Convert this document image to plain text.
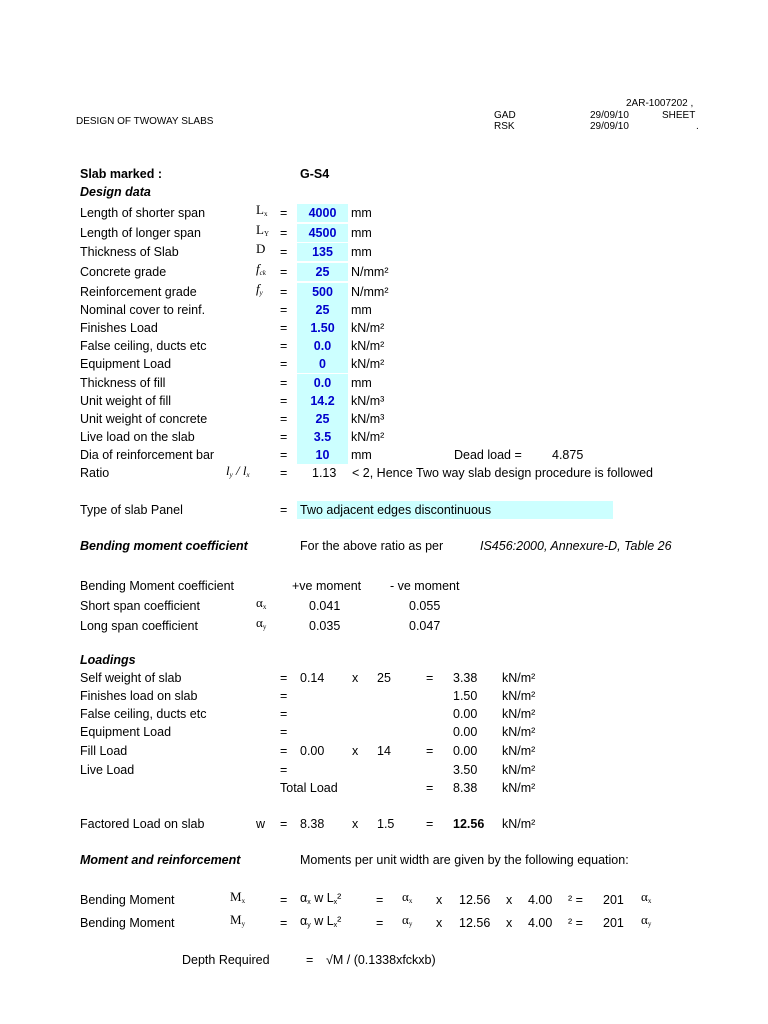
2AR-1007202 ,
DESIGN OF TWOWAY SLABS
GAD	29/09/10	SHEET
RSK	29/09/10	.
Slab marked :	G-S4
Design data
Length of shorter span	$L_x$ =	4000	mm
Length of longer span	$L_Y$ =	4500	mm
Thickness of Slab	D =	135	mm
Concrete grade	$f_{ck}$ =	25	N/mm²
Reinforcement grade	$f_y$ =	500	N/mm²
Nominal cover to reinf.	=	25	mm
Finishes Load	=	1.50	kN/m²
False ceiling, ducts etc	=	0.0	kN/m²
Equipment Load	=	0	kN/m²
Thickness of fill	=	0.0	mm
Unit weight of fill	=	14.2	kN/m³
Unit weight of concrete	=	25	kN/m³
Live load on the slab	=	3.5	kN/m²
Dia of reinforcement bar	=	10	mm	Dead load = 4.875
Ratio	$l_y / l_x = 1.13 < 2$, Hence Two way slab design procedure is followed
Type of slab Panel	= Two adjacent edges discontinuous
Bending moment coefficient	For the above ratio as per	IS456:2000, Annexure-D, Table 26
Bending Moment coefficient	+ve moment - ve moment
Short span coefficient	$\alpha_x$	0.041	0.055
Long span coefficient	$\alpha_y$	0.035	0.047
Loadings
Self weight of slab	= 0.14 x 25	= 3.38 kN/m²
Finishes load on slab	=	1.50 kN/m²
False ceiling, ducts etc	=	0.00 kN/m²
Equipment Load	=	0.00 kN/m²
Fill Load	= 0.00 x 14	= 0.00 kN/m²
Live Load	=	3.50 kN/m²
Total Load	= 8.38 kN/m²
Factored Load on slab	w = 8.38 x 1.5	= 12.56 kN/m²
Moment and reinforcement	Moments per unit width are given by the following equation:
Bending Moment	$M_x$	= $\alpha_x$ w $L_x^2$	= $\alpha_x$ x 12.56 x 4.00 ² = 201 $\alpha_x$
Bending Moment	$M_y$	= $\alpha_y$ w $L_x^2$	= $\alpha_y$ x 12.56 x 4.00 ² = 201 $\alpha_y$
Depth Required	= √M / (0.1338xfckxb)
